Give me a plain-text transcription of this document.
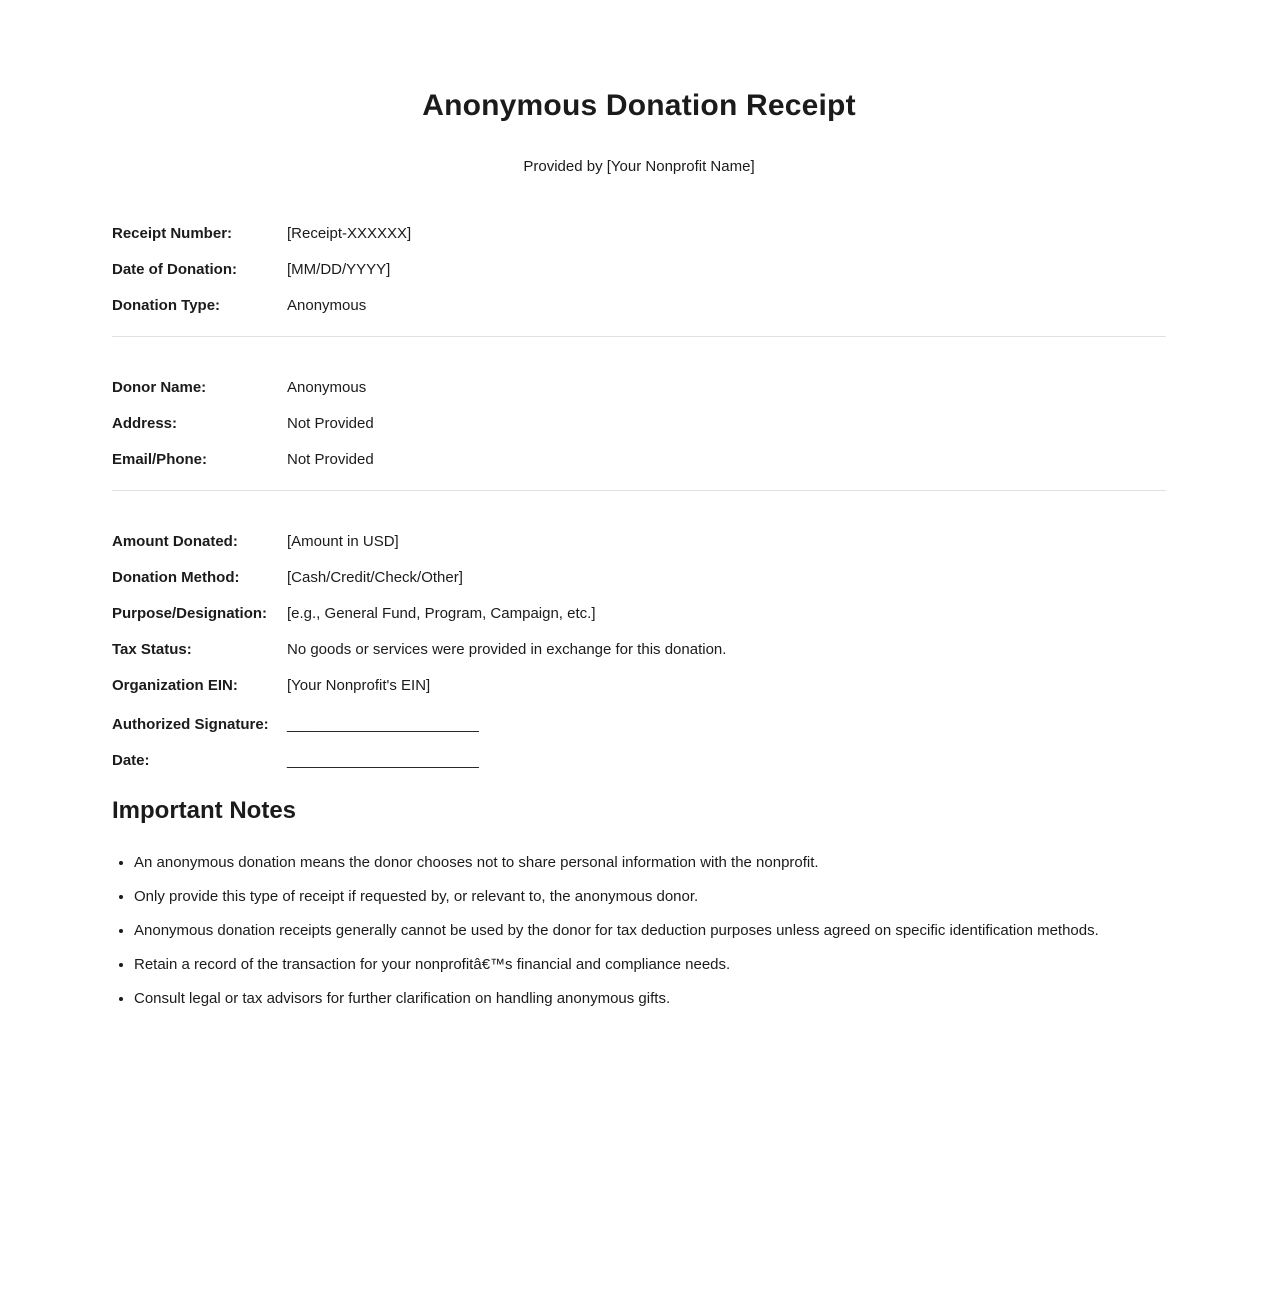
Anonymous Donation Receipt

Provided by [Your Nonprofit Name]

Receipt Number:	[Receipt-XXXXXX]
Date of Donation:	[MM/DD/YYYY]
Donation Type:	Anonymous
Donor Name:	Anonymous
Address:	Not Provided
Email/Phone:	Not Provided
Amount Donated:	[Amount in USD]
Donation Method:	[Cash/Credit/Check/Other]
Purpose/Designation:	[e.g., General Fund, Program, Campaign, etc.]
Tax Status:	No goods or services were provided in exchange for this donation.
Organization EIN:	[Your Nonprofit's EIN]
Authorized Signature:	_______________________
Date:	_______________________
Important Notes
• An anonymous donation means the donor chooses not to share personal information with the nonprofit.
• Only provide this type of receipt if requested by, or relevant to, the anonymous donor.
• Anonymous donation receipts generally cannot be used by the donor for tax deduction purposes unless agreed on specific identification methods.
• Retain a record of the transaction for your nonprofitâ€™s financial and compliance needs.
• Consult legal or tax advisors for further clarification on handling anonymous gifts.
